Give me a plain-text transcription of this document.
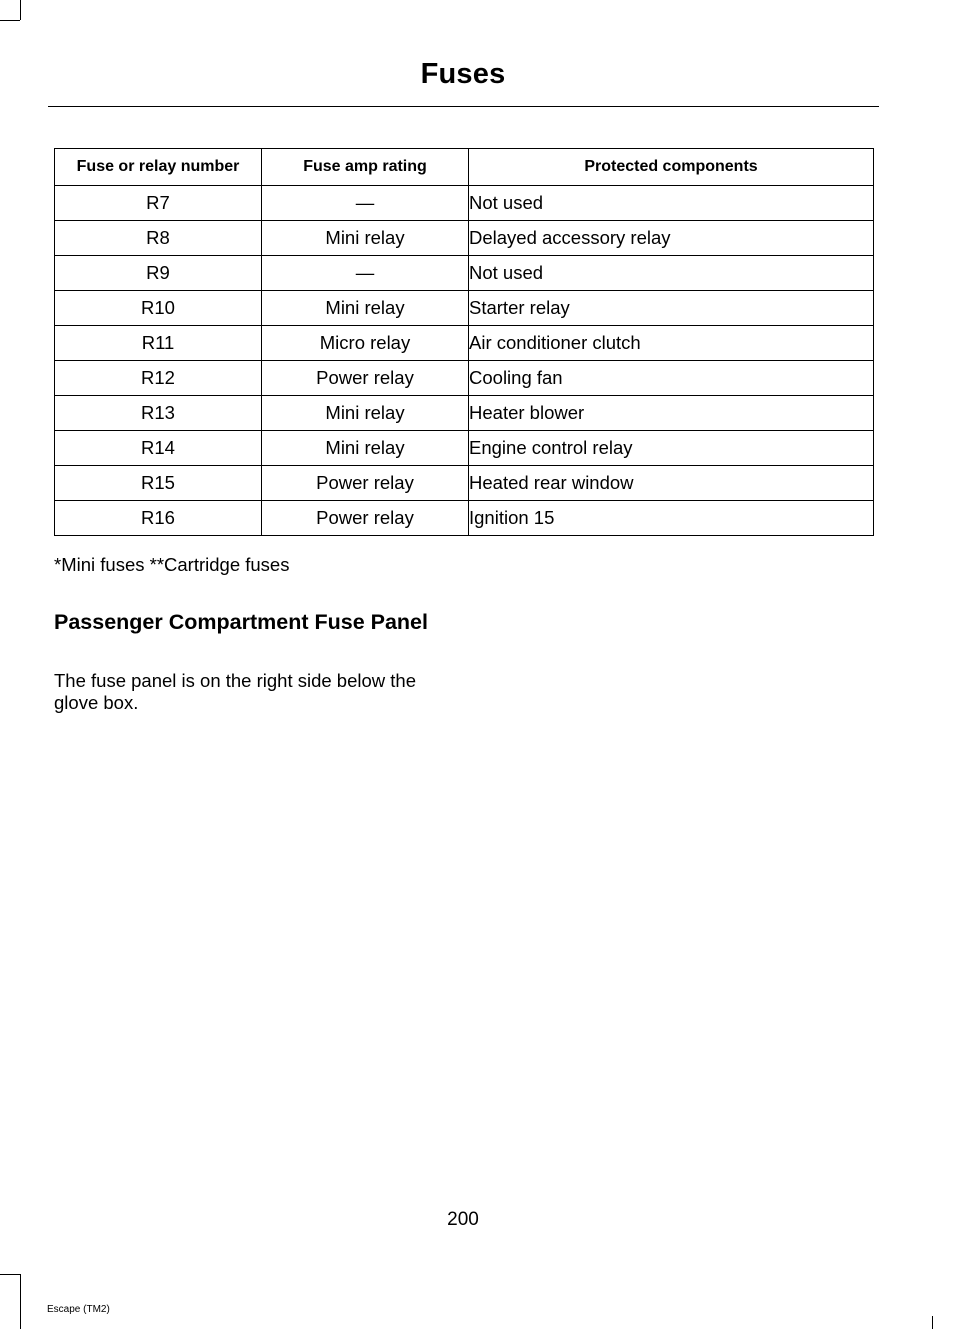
Fuses
Fuse or relay number	Fuse amp rating	Protected components
R7	—	Not used
R8	Mini relay	Delayed accessory relay
R9	—	Not used
R10	Mini relay	Starter relay
R11	Micro relay	Air conditioner clutch
R12	Power relay	Cooling fan
R13	Mini relay	Heater blower
R14	Mini relay	Engine control relay
R15	Power relay	Heated rear window
R16	Power relay	Ignition 15
*Mini fuses **Cartridge fuses
Passenger Compartment Fuse Panel
The fuse panel is on the right side below the glove box.
200
Escape (TM2)
